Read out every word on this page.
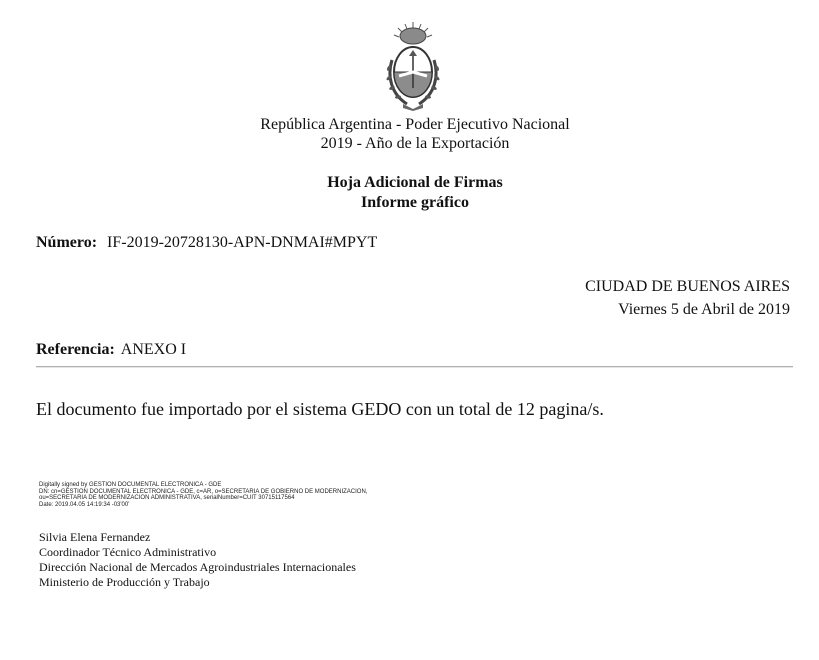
República Argentina - Poder Ejecutivo Nacional
2019 - Año de la Exportación
Hoja Adicional de Firmas
Informe gráfico
Número: IF-2019-20728130-APN-DNMAI#MPYT
CIUDAD DE BUENOS AIRES
Viernes 5 de Abril de 2019
Referencia: ANEXO I
El documento fue importado por el sistema GEDO con un total de 12 pagina/s.
Digitally signed by GESTION DOCUMENTAL ELECTRONICA - GDE
DN: cn=GESTION DOCUMENTAL ELECTRONICA - GDE, c=AR, o=SECRETARIA DE GOBIERNO DE MODERNIZACION,
ou=SECRETARIA DE MODERNIZACION ADMINISTRATIVA, serialNumber=CUIT 30715117564
Date: 2019.04.05 14:19:34 -03'00'
Silvia Elena Fernandez
Coordinador Técnico Administrativo
Dirección Nacional de Mercados Agroindustriales Internacionales
Ministerio de Producción y Trabajo
